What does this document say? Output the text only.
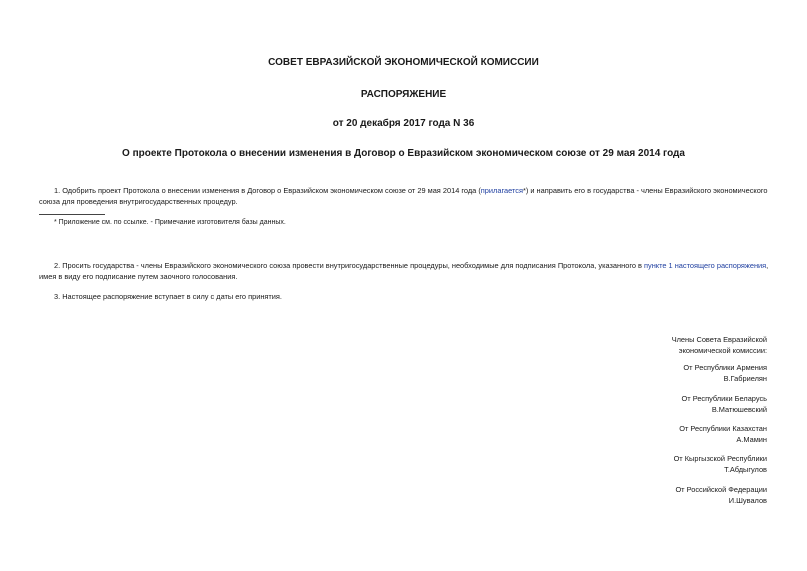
СОВЕТ ЕВРАЗИЙСКОЙ ЭКОНОМИЧЕСКОЙ КОМИССИИ
РАСПОРЯЖЕНИЕ
от 20 декабря 2017 года N 36
О проекте Протокола о внесении изменения в Договор о Евразийском экономическом союзе от 29 мая 2014 года
1. Одобрить проект Протокола о внесении изменения в Договор о Евразийском экономическом союзе от 29 мая 2014 года (прилагается*) и направить его в государства - члены Евразийского экономического союза для проведения внутригосударственных процедур.
* Приложение см. по ссылке. - Примечание изготовителя базы данных.
2. Просить государства - члены Евразийского экономического союза провести внутригосударственные процедуры, необходимые для подписания Протокола, указанного в пункте 1 настоящего распоряжения, имея в виду его подписание путем заочного голосования.
3. Настоящее распоряжение вступает в силу с даты его принятия.
Члены Совета Евразийской
экономической комиссии:
От Республики Армения
В.Габриелян
От Республики Беларусь
В.Матюшевский
От Республики Казахстан
А.Мамин
От Кыргызской Республики
Т.Абдыгулов
От Российской Федерации
И.Шувалов
